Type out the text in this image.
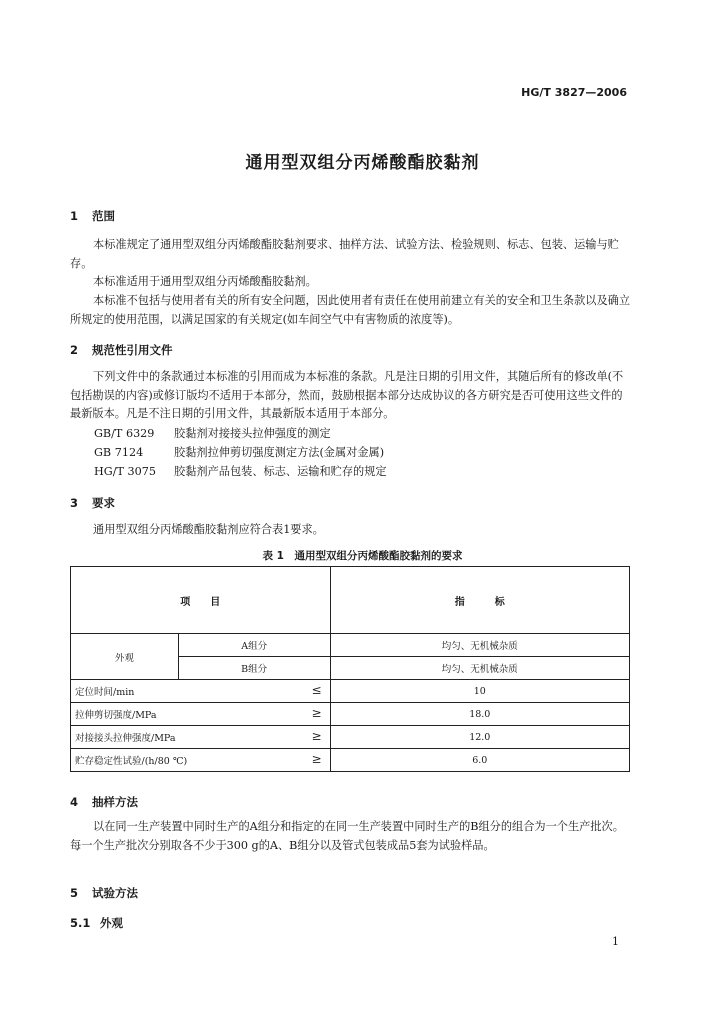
HG/T 3827—2006
通用型双组分丙烯酸酯胶黏剂
1 范围
本标准规定了通用型双组分丙烯酸酯胶黏剂要求、抽样方法、试验方法、检验规则、标志、包装、运输与贮存。
本标准适用于通用型双组分丙烯酸酯胶黏剂。
本标准不包括与使用者有关的所有安全问题，因此使用者有责任在使用前建立有关的安全和卫生条款以及确立所规定的使用范围，以满足国家的有关规定(如车间空气中有害物质的浓度等)。
2 规范性引用文件
下列文件中的条款通过本标准的引用而成为本标准的条款。凡是注日期的引用文件，其随后所有的修改单(不包括勘误的内容)或修订版均不适用于本部分，然而，鼓励根据本部分达成协议的各方研究是否可使用这些文件的最新版本。凡是不注日期的引用文件，其最新版本适用于本部分。
GB/T 6329 胶黏剂对接接头拉伸强度的测定
GB 7124	胶黏剂拉伸剪切强度测定方法(金属对金属)
HG/T 3075 胶黏剂产品包装、标志、运输和贮存的规定
3 要求
通用型双组分丙烯酸酯胶黏剂应符合表1要求。
表 1　通用型双组分丙烯酸酯胶黏剂的要求
项　　目		指　　　标
外观	A组分	均匀、无机械杂质
	B组分	均匀、无机械杂质
定位时间/min ≤		10
拉伸剪切强度/MPa ≥		18.0
对接接头拉伸强度/MPa ≥		12.0
贮存稳定性试验/(h/80 ℃) ≥		6.0
4 抽样方法
以在同一生产装置中同时生产的A组分和指定的在同一生产装置中同时生产的B组分的组合为一个生产批次。每一个生产批次分别取各不少于300 g的A、B组分以及管式包装成品5套为试验样品。
5 试验方法
5.1 外观
1
